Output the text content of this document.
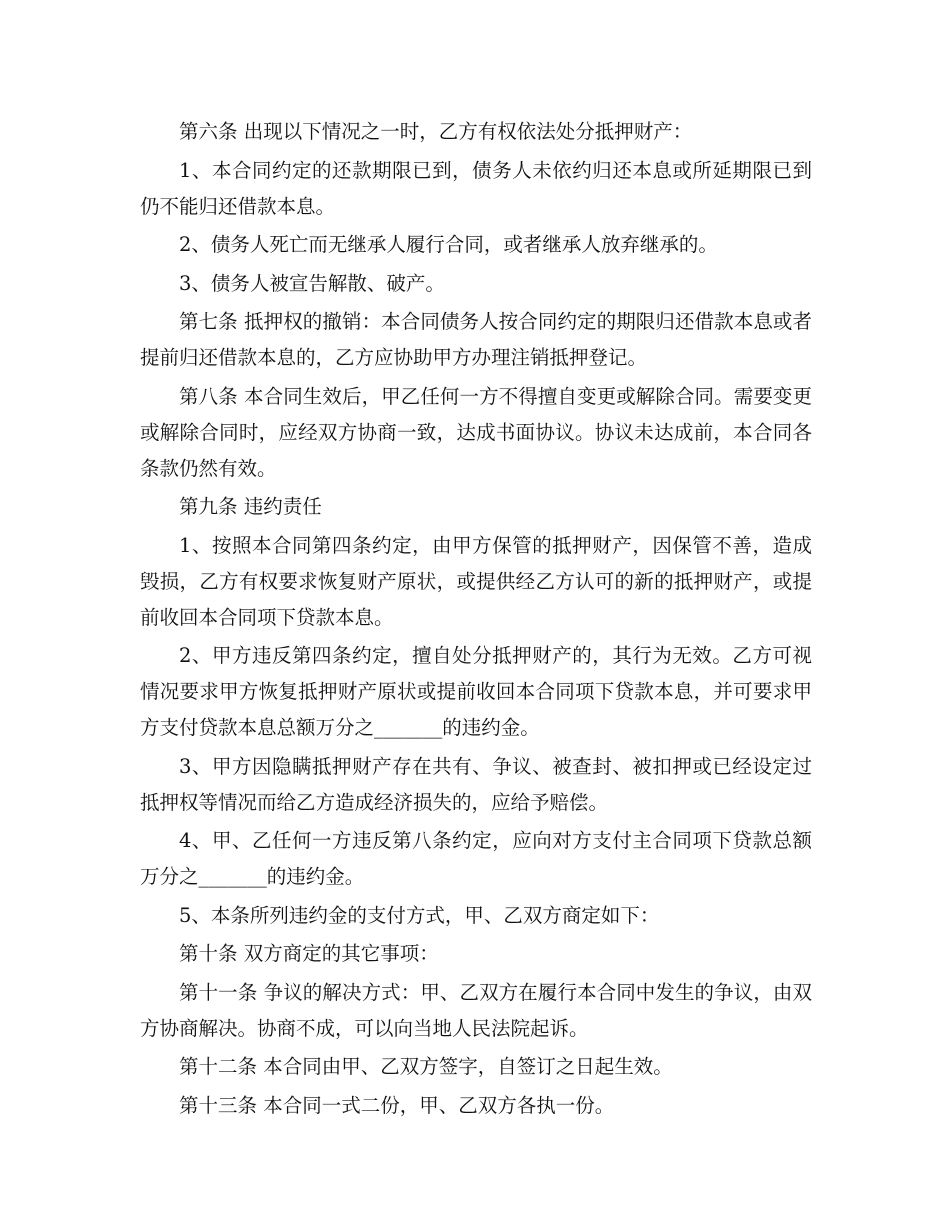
第六条 出现以下情况之一时，乙方有权依法处分抵押财产：

1、本合同约定的还款期限已到，债务人未依约归还本息或所延期限已到仍不能归还借款本息。

2、债务人死亡而无继承人履行合同，或者继承人放弃继承的。

3、债务人被宣告解散、破产。

第七条 抵押权的撤销：本合同债务人按合同约定的期限归还借款本息或者提前归还借款本息的，乙方应协助甲方办理注销抵押登记。

第八条 本合同生效后，甲乙任何一方不得擅自变更或解除合同。需要变更或解除合同时，应经双方协商一致，达成书面协议。协议未达成前，本合同各条款仍然有效。

第九条 违约责任

1、按照本合同第四条约定，由甲方保管的抵押财产，因保管不善，造成毁损，乙方有权要求恢复财产原状，或提供经乙方认可的新的抵押财产，或提前收回本合同项下贷款本息。

2、甲方违反第四条约定，擅自处分抵押财产的，其行为无效。乙方可视情况要求甲方恢复抵押财产原状或提前收回本合同项下贷款本息，并可要求甲方支付贷款本息总额万分之_______的违约金。

3、甲方因隐瞒抵押财产存在共有、争议、被查封、被扣押或已经设定过抵押权等情况而给乙方造成经济损失的，应给予赔偿。

4、甲、乙任何一方违反第八条约定，应向对方支付主合同项下贷款总额万分之_______的违约金。

5、本条所列违约金的支付方式，甲、乙双方商定如下：

第十条 双方商定的其它事项：

第十一条 争议的解决方式：甲、乙双方在履行本合同中发生的争议，由双方协商解决。协商不成，可以向当地人民法院起诉。

第十二条 本合同由甲、乙双方签字，自签订之日起生效。

第十三条 本合同一式二份，甲、乙双方各执一份。
